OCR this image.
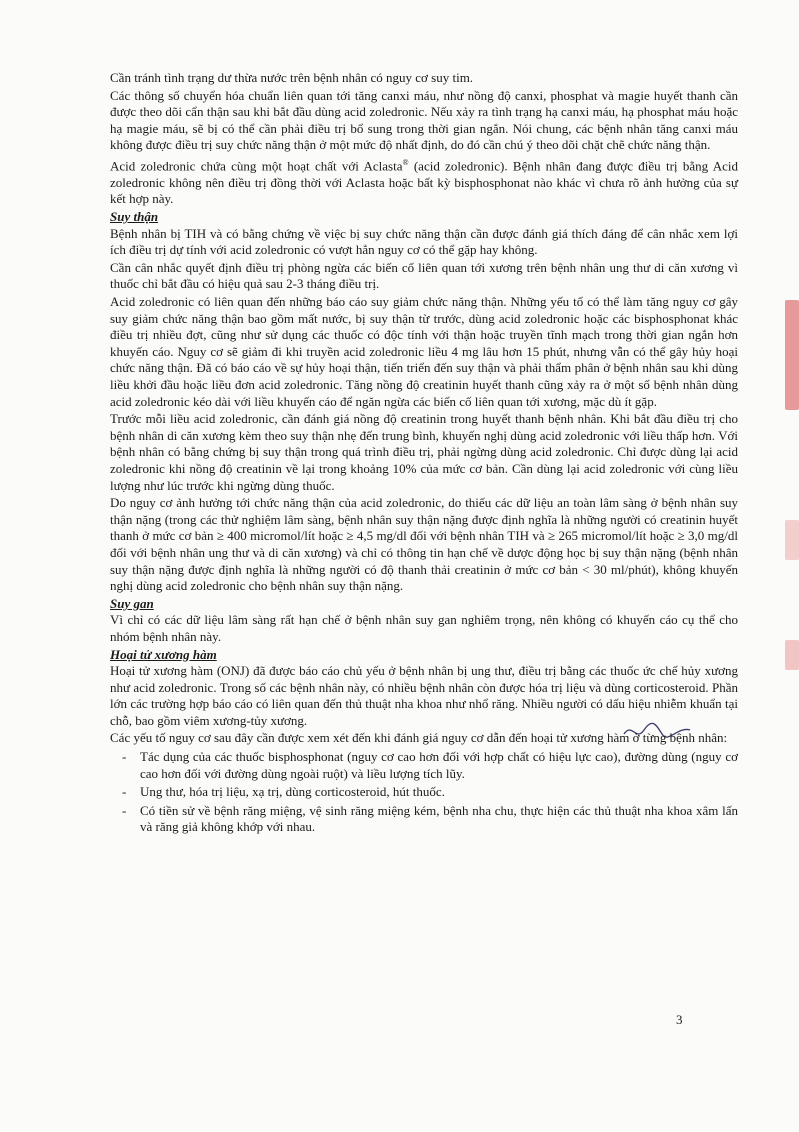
Cần tránh tình trạng dư thừa nước trên bệnh nhân có nguy cơ suy tim.

Các thông số chuyển hóa chuẩn liên quan tới tăng canxi máu, như nồng độ canxi, phosphat và magie huyết thanh cần được theo dõi cẩn thận sau khi bắt đầu dùng acid zoledronic. Nếu xảy ra tình trạng hạ canxi máu, hạ phosphat máu hoặc hạ magie máu, sẽ bị có thể cần phải điều trị bổ sung trong thời gian ngắn. Nói chung, các bệnh nhân tăng canxi máu không được điều trị suy chức năng thận ở một mức độ nhất định, do đó cần chú ý theo dõi chặt chẽ chức năng thận.

Acid zoledronic chứa cùng một hoạt chất với Aclasta® (acid zoledronic). Bệnh nhân đang được điều trị bằng Acid zoledronic không nên điều trị đồng thời với Aclasta hoặc bất kỳ bisphosphonat nào khác vì chưa rõ ảnh hưởng của sự kết hợp này.

Suy thận

Bệnh nhân bị TIH và có bằng chứng về việc bị suy chức năng thận cần được đánh giá thích đáng để cân nhắc xem lợi ích điều trị dự tính với acid zoledronic có vượt hẳn nguy cơ có thể gặp hay không.

Cần cân nhắc quyết định điều trị phòng ngừa các biến cố liên quan tới xương trên bệnh nhân ung thư di căn xương vì thuốc chỉ bắt đầu có hiệu quả sau 2-3 tháng điều trị.

Acid zoledronic có liên quan đến những báo cáo suy giảm chức năng thận. Những yếu tố có thể làm tăng nguy cơ gây suy giảm chức năng thận bao gồm mất nước, bị suy thận từ trước, dùng acid zoledronic hoặc các bisphosphonat khác điều trị nhiều đợt, cũng như sử dụng các thuốc có độc tính với thận hoặc truyền tĩnh mạch trong thời gian ngắn hơn khuyến cáo. Nguy cơ sẽ giảm đi khi truyền acid zoledronic liều 4 mg lâu hơn 15 phút, nhưng vẫn có thể gây hủy hoại chức năng thận. Đã có báo cáo về sự hủy hoại thận, tiến triển đến suy thận và phải thẩm phân ở bệnh nhân sau khi dùng liều khởi đầu hoặc liều đơn acid zoledronic. Tăng nồng độ creatinin huyết thanh cũng xảy ra ở một số bệnh nhân dùng acid zoledronic kéo dài với liều khuyến cáo để ngăn ngừa các biến cố liên quan tới xương, mặc dù ít gặp.

Trước mỗi liều acid zoledronic, cần đánh giá nồng độ creatinin trong huyết thanh bệnh nhân. Khi bắt đầu điều trị cho bệnh nhân di căn xương kèm theo suy thận nhẹ đến trung bình, khuyến nghị dùng acid zoledronic với liều thấp hơn. Với bệnh nhân có bằng chứng bị suy thận trong quá trình điều trị, phải ngừng dùng acid zoledronic. Chỉ được dùng lại acid zoledronic khi nồng độ creatinin về lại trong khoảng 10% của mức cơ bản. Cần dùng lại acid zoledronic với cùng liều lượng như lúc trước khi ngừng dùng thuốc.

Do nguy cơ ảnh hưởng tới chức năng thận của acid zoledronic, do thiếu các dữ liệu an toàn lâm sàng ở bệnh nhân suy thận nặng (trong các thử nghiệm lâm sàng, bệnh nhân suy thận nặng được định nghĩa là những người có creatinin huyết thanh ở mức cơ bản ≥ 400 micromol/lít hoặc ≥ 4,5 mg/dl đối với bệnh nhân TIH và ≥ 265 micromol/lít hoặc ≥ 3,0 mg/dl đối với bệnh nhân ung thư và di căn xương) và chỉ có thông tin hạn chế về dược động học bị suy thận nặng (bệnh nhân suy thận nặng được định nghĩa là những người có độ thanh thải creatinin ở mức cơ bản < 30 ml/phút), không khuyến nghị dùng acid zoledronic cho bệnh nhân suy thận nặng.

Suy gan

Vì chỉ có các dữ liệu lâm sàng rất hạn chế ở bệnh nhân suy gan nghiêm trọng, nên không có khuyến cáo cụ thể cho nhóm bệnh nhân này.

Hoại tử xương hàm

Hoại tử xương hàm (ONJ) đã được báo cáo chủ yếu ở bệnh nhân bị ung thư, điều trị bằng các thuốc ức chế hủy xương như acid zoledronic. Trong số các bệnh nhân này, có nhiều bệnh nhân còn được hóa trị liệu và dùng corticosteroid. Phần lớn các trường hợp báo cáo có liên quan đến thủ thuật nha khoa như nhổ răng. Nhiều người có dấu hiệu nhiễm khuẩn tại chỗ, bao gồm viêm xương-tủy xương.

Các yếu tố nguy cơ sau đây cần được xem xét đến khi đánh giá nguy cơ dẫn đến hoại tử xương hàm ở từng bệnh nhân:

- Tác dụng của các thuốc bisphosphonat (nguy cơ cao hơn đối với hợp chất có hiệu lực cao), đường dùng (nguy cơ cao hơn đối với đường dùng ngoài ruột) và liều lượng tích lũy.
- Ung thư, hóa trị liệu, xạ trị, dùng corticosteroid, hút thuốc.
- Có tiền sử về bệnh răng miệng, vệ sinh răng miệng kém, bệnh nha chu, thực hiện các thủ thuật nha khoa xâm lấn và răng giả không khớp với nhau.
3
